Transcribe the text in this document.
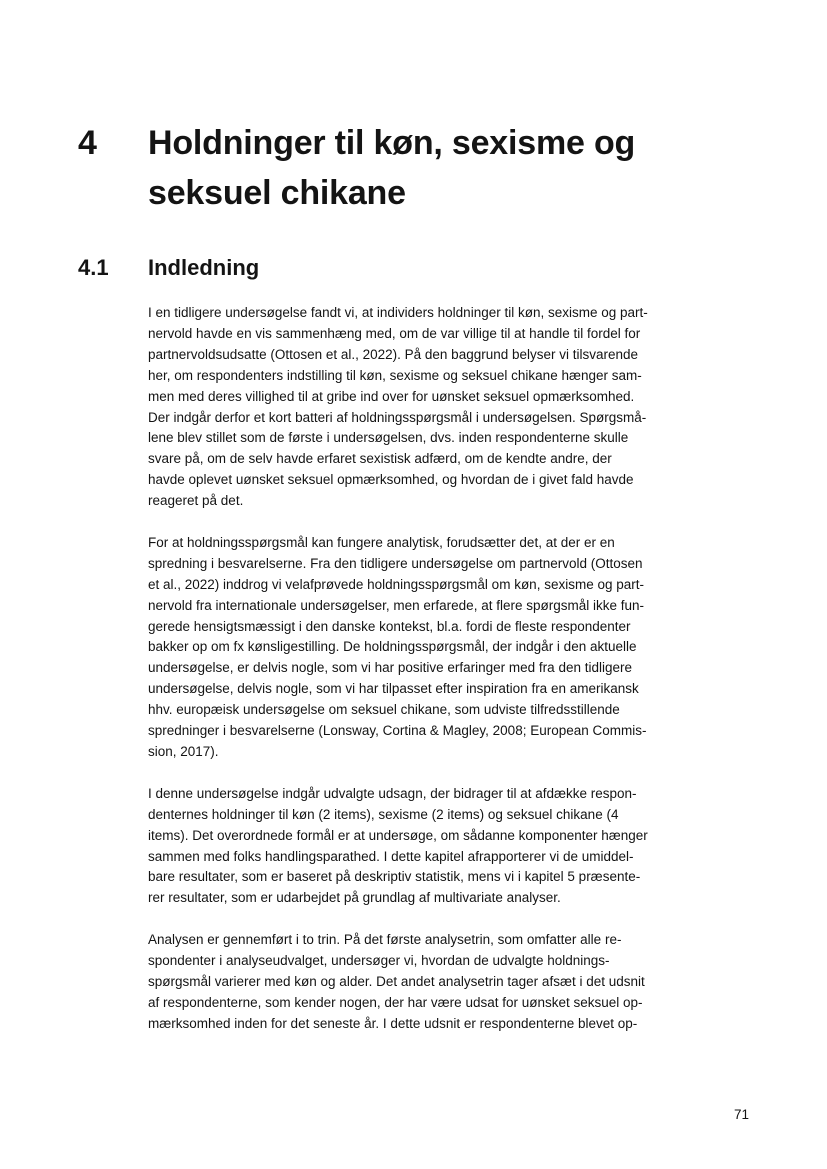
4 Holdninger til køn, sexisme og seksuel chikane
4.1 Indledning

I en tidligere undersøgelse fandt vi, at individers holdninger til køn, sexisme og part-
nervold havde en vis sammenhæng med, om de var villige til at handle til fordel for
partnervoldsudsatte (Ottosen et al., 2022). På den baggrund belyser vi tilsvarende
her, om respondenters indstilling til køn, sexisme og seksuel chikane hænger sam-
men med deres villighed til at gribe ind over for uønsket seksuel opmærksomhed.
Der indgår derfor et kort batteri af holdningsspørgsmål i undersøgelsen. Spørgsmå-
lene blev stillet som de første i undersøgelsen, dvs. inden respondenterne skulle
svare på, om de selv havde erfaret sexistisk adfærd, om de kendte andre, der
havde oplevet uønsket seksuel opmærksomhed, og hvordan de i givet fald havde
reageret på det.

For at holdningsspørgsmål kan fungere analytisk, forudsætter det, at der er en
spredning i besvarelserne. Fra den tidligere undersøgelse om partnervold (Ottosen
et al., 2022) inddrog vi velafprøvede holdningsspørgsmål om køn, sexisme og part-
nervold fra internationale undersøgelser, men erfarede, at flere spørgsmål ikke fun-
gerede hensigtsmæssigt i den danske kontekst, bl.a. fordi de fleste respondenter
bakker op om fx kønsligestilling. De holdningsspørgsmål, der indgår i den aktuelle
undersøgelse, er delvis nogle, som vi har positive erfaringer med fra den tidligere
undersøgelse, delvis nogle, som vi har tilpasset efter inspiration fra en amerikansk
hhv. europæisk undersøgelse om seksuel chikane, som udviste tilfredsstillende
spredninger i besvarelserne (Lonsway, Cortina & Magley, 2008; European Commis-
sion, 2017).

I denne undersøgelse indgår udvalgte udsagn, der bidrager til at afdække respon-
denternes holdninger til køn (2 items), sexisme (2 items) og seksuel chikane (4
items). Det overordnede formål er at undersøge, om sådanne komponenter hænger
sammen med folks handlingsparathed. I dette kapitel afrapporterer vi de umiddel-
bare resultater, som er baseret på deskriptiv statistik, mens vi i kapitel 5 præsente-
rer resultater, som er udarbejdet på grundlag af multivariate analyser.

Analysen er gennemført i to trin. På det første analysetrin, som omfatter alle re-
spondenter i analyseudvalget, undersøger vi, hvordan de udvalgte holdnings-
spørgsmål varierer med køn og alder. Det andet analysetrin tager afsæt i det udsnit
af respondenterne, som kender nogen, der har være udsat for uønsket seksuel op-
mærksomhed inden for det seneste år. I dette udsnit er respondenterne blevet op-

71
